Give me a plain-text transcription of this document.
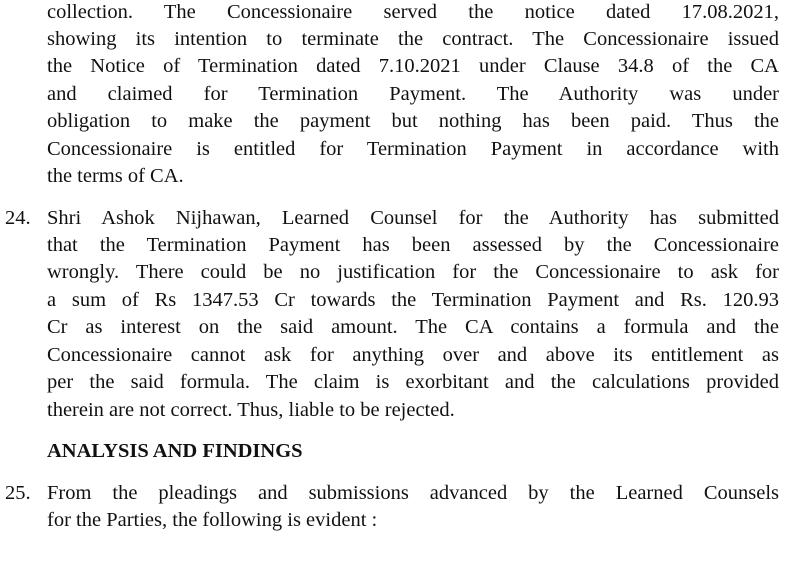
collection. The Concessionaire served the notice dated 17.08.2021,
showing its intention to terminate the contract. The Concessionaire issued
the Notice of Termination dated 7.10.2021 under Clause 34.8 of the CA
and claimed for Termination Payment. The Authority was under
obligation to make the payment but nothing has been paid. Thus the
Concessionaire is entitled for Termination Payment in accordance with
the terms of CA.
24. Shri Ashok Nijhawan, Learned Counsel for the Authority has submitted
that the Termination Payment has been assessed by the Concessionaire
wrongly. There could be no justification for the Concessionaire to ask for
a sum of Rs 1347.53 Cr towards the Termination Payment and Rs. 120.93
Cr as interest on the said amount. The CA contains a formula and the
Concessionaire cannot ask for anything over and above its entitlement as
per the said formula. The claim is exorbitant and the calculations provided
therein are not correct. Thus, liable to be rejected.
ANALYSIS AND FINDINGS
25. From the pleadings and submissions advanced by the Learned Counsels
for the Parties, the following is evident :
